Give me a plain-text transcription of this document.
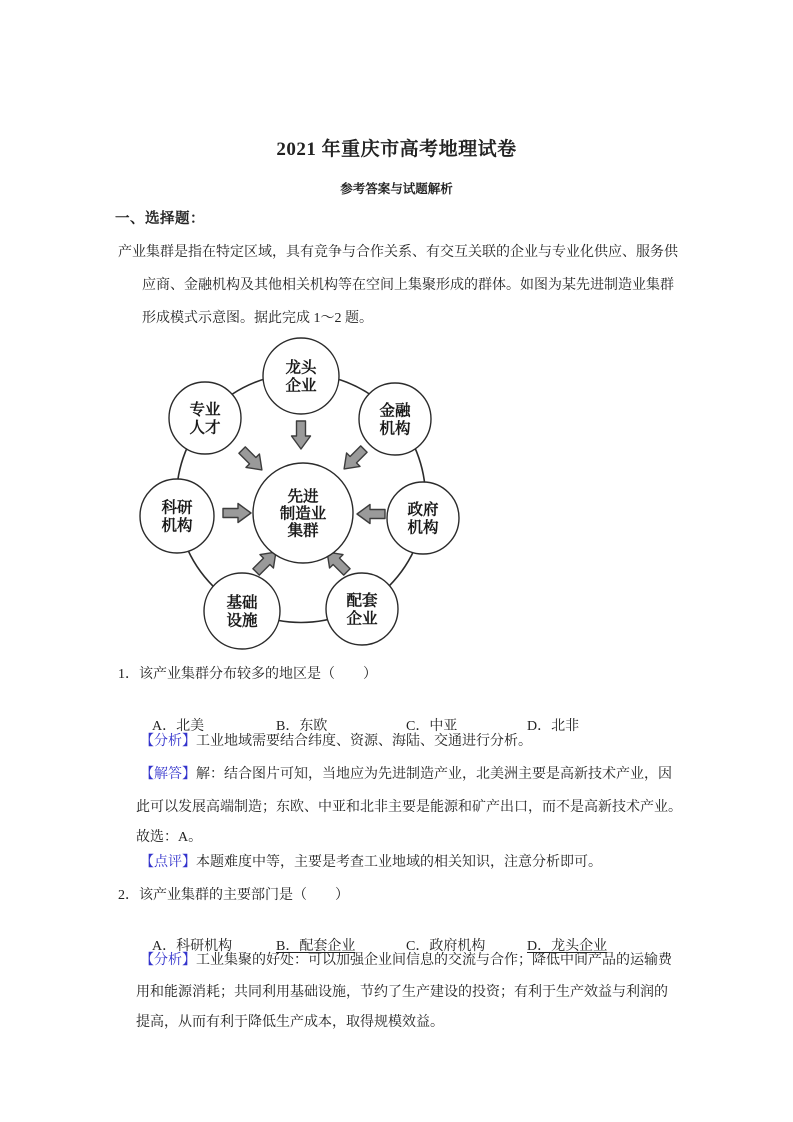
2021 年重庆市高考地理试卷
参考答案与试题解析
一、选择题：
产业集群是指在特定区域，具有竞争与合作关系、有交互关联的企业与专业化供应、服务供
应商、金融机构及其他相关机构等在空间上集聚形成的群体。如图为某先进制造业集群
形成模式示意图。据此完成 1～2 题。
龙头
企业
专业
人才
金融
机构
科研
机构
政府
机构
基础
设施
配套
企业
先进
制造业
集群
1．该产业集群分布较多的地区是（　　）

A．北美	B．东欧	C．中亚	D．北非

【分析】工业地域需要结合纬度、资源、海陆、交通进行分析。
【解答】解：结合图片可知，当地应为先进制造产业，北美洲主要是高新技术产业，因
此可以发展高端制造；东欧、中亚和北非主要是能源和矿产出口，而不是高新技术产业。
故选：A。
【点评】本题难度中等，主要是考查工业地域的相关知识，注意分析即可。
2．该产业集群的主要部门是（　　）

A．科研机构	B．配套企业	C．政府机构	D．龙头企业

【分析】工业集聚的好处：可以加强企业间信息的交流与合作；降低中间产品的运输费
用和能源消耗；共同利用基础设施，节约了生产建设的投资；有利于生产效益与利润的
提高，从而有利于降低生产成本，取得规模效益。
